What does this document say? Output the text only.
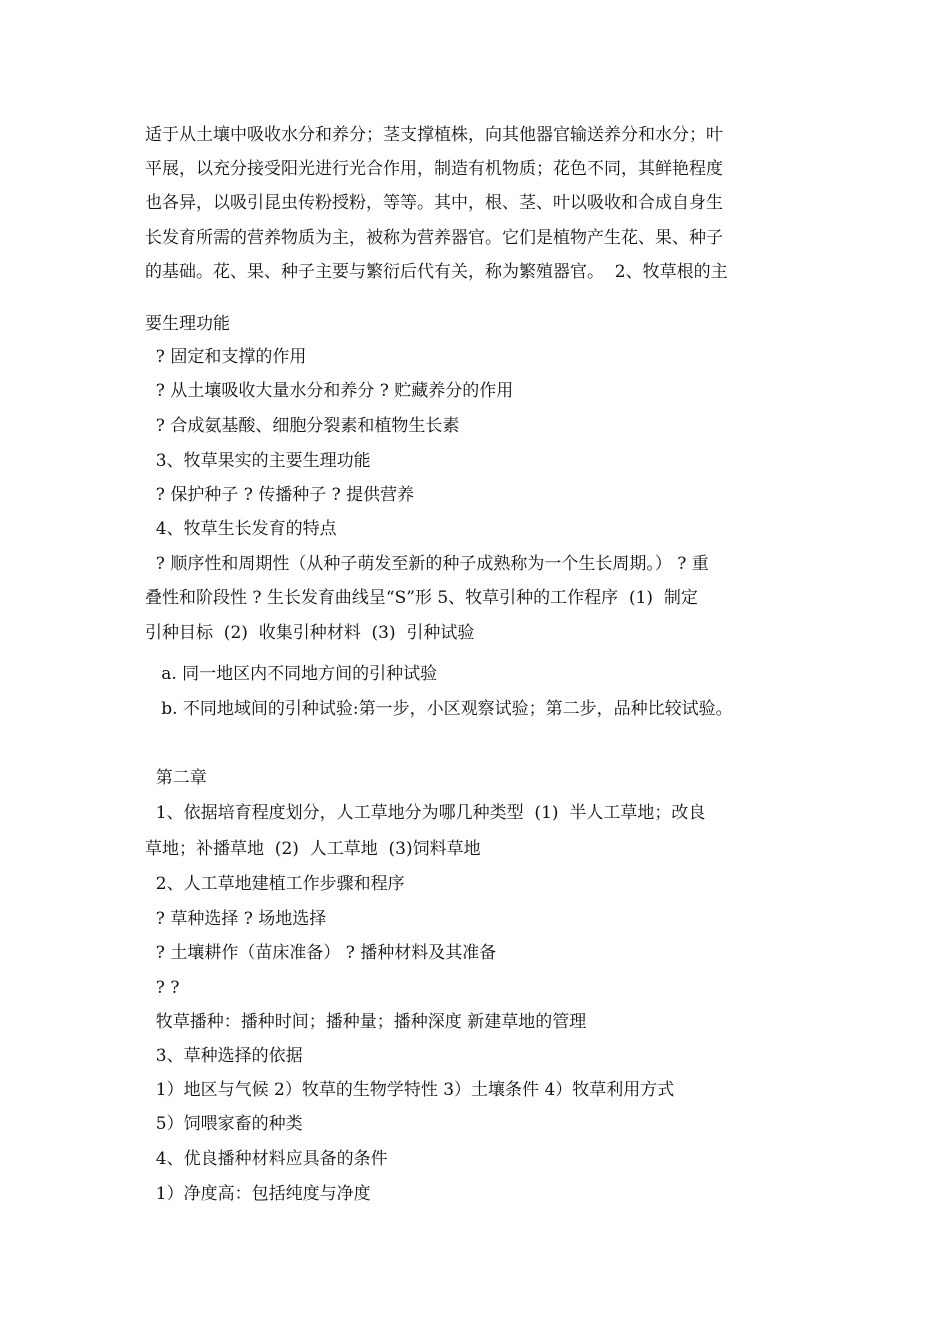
适于从土壤中吸收水分和养分；茎支撑植株，向其他器官输送养分和水分；叶
平展，以充分接受阳光进行光合作用，制造有机物质；花色不同，其鲜艳程度
也各异，以吸引昆虫传粉授粉，等等。其中，根、茎、叶以吸收和合成自身生
长发育所需的营养物质为主，被称为营养器官。它们是植物产生花、果、种子
的基础。花、果、种子主要与繁衍后代有关，称为繁殖器官。  2、牧草根的主
要生理功能
? 固定和支撑的作用
? 从土壤吸收大量水分和养分 ? 贮藏养分的作用
? 合成氨基酸、细胞分裂素和植物生长素
3、牧草果实的主要生理功能
? 保护种子 ? 传播种子 ? 提供营养
4、牧草生长发育的特点
? 顺序性和周期性（从种子萌发至新的种子成熟称为一个生长周期。） ? 重
叠性和阶段性 ? 生长发育曲线呈“S”形 5、牧草引种的工作程序  (1)  制定
引种目标  (2)  收集引种材料  (3)  引种试验
a. 同一地区内不同地方间的引种试验
b. 不同地域间的引种试验:第一步，小区观察试验；第二步，品种比较试验。
第二章
1、依据培育程度划分，人工草地分为哪几种类型  (1)  半人工草地；改良
草地；补播草地  (2)  人工草地  (3)饲料草地
2、人工草地建植工作步骤和程序
? 草种选择 ? 场地选择
? 土壤耕作（苗床准备） ? 播种材料及其准备
? ?
牧草播种：播种时间；播种量；播种深度 新建草地的管理
3、草种选择的依据
1）地区与气候 2）牧草的生物学特性 3）土壤条件 4）牧草利用方式
5）饲喂家畜的种类
4、优良播种材料应具备的条件
1）净度高：包括纯度与净度
